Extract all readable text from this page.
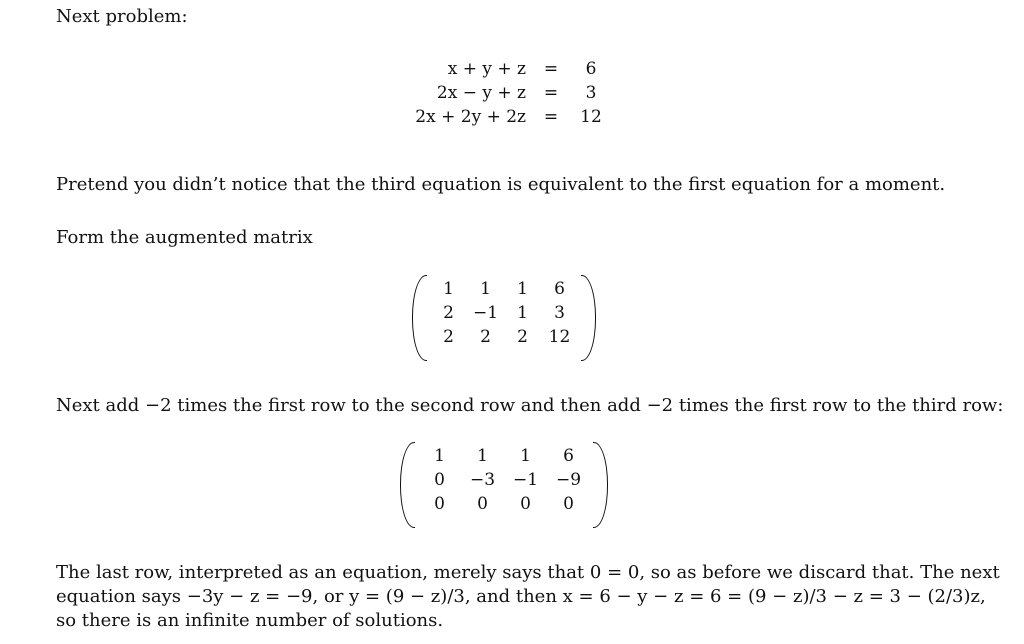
Next problem:
x + y + z	=	6
2x − y + z	=	3
2x + 2y + 2z	=	12
Pretend you didn’t notice that the third equation is equivalent to the first equation for a moment.
Form the augmented matrix
1	1	1	6
2	−1	1	3
2	2	2	12
Next add −2 times the first row to the second row and then add −2 times the first row to the third row:
1	1	1	6
0	−3	−1	−9
0	0	0	0
The last row, interpreted as an equation, merely says that 0 = 0, so as before we discard that. The next
equation says −3y − z = −9, or y = (9 − z)/3, and then x = 6 − y − z = 6 = (9 − z)/3 − z = 3 − (2/3)z,
so there is an infinite number of solutions.
